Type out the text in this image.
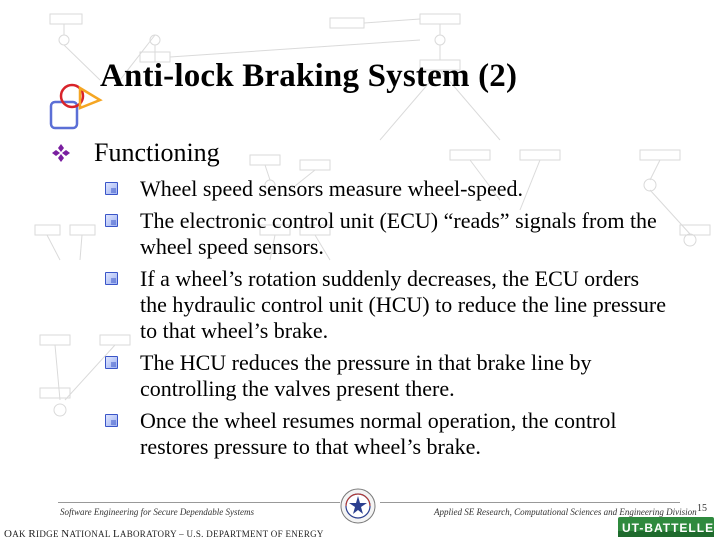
Anti-lock Braking System (2)
Functioning
Wheel speed sensors measure wheel-speed.
The electronic control unit (ECU) “reads” signals from the wheel speed sensors.
If a wheel’s rotation suddenly decreases, the ECU orders the hydraulic control unit (HCU) to reduce the line pressure to that wheel’s brake.
The HCU reduces the pressure in that brake line by controlling the valves present there.
Once the wheel resumes normal operation, the control restores pressure to that wheel’s brake.
Software Engineering for Secure Dependable Systems	Applied SE Research, Computational Sciences and Engineering Division 15
OAK RIDGE NATIONAL LABORATORY – U.S. DEPARTMENT OF ENERGY	UT-BATTELLE
